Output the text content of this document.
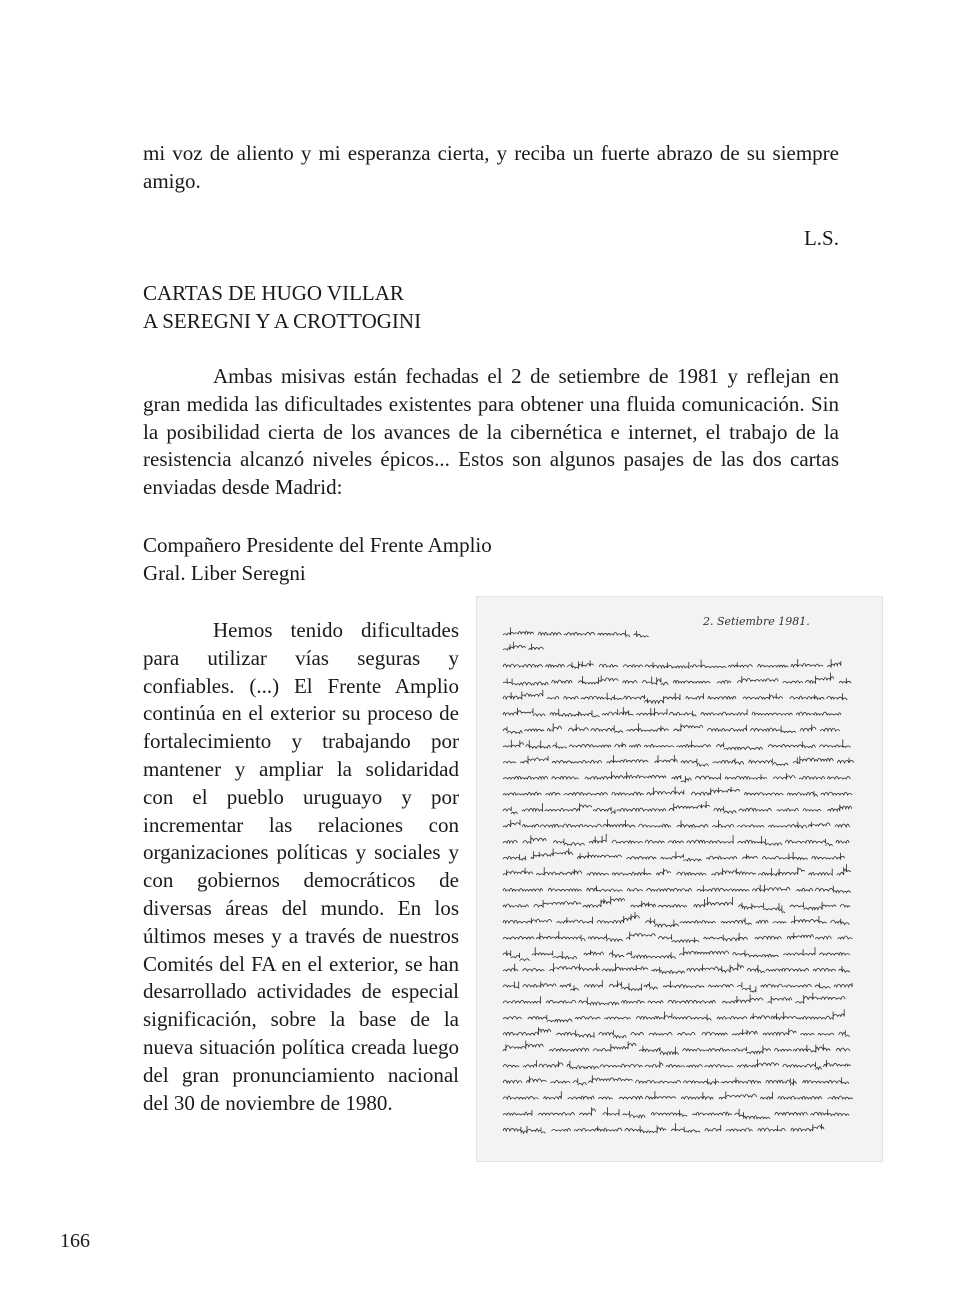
mi voz de aliento y mi esperanza cierta, y reciba un fuerte abrazo de su siempre amigo.
L.S.
CARTAS DE HUGO VILLAR
A SEREGNI Y A CROTTOGINI
Ambas misivas están fechadas el 2 de setiembre de 1981 y reflejan en gran medida las dificultades existentes para obtener una fluida comunicación. Sin la posibilidad cierta de los avances de la cibernética e internet, el trabajo de la resistencia alcanzó niveles épicos... Estos son algunos pasajes de las dos cartas enviadas desde Madrid:
Compañero Presidente del Frente Amplio
Gral. Liber Seregni
Hemos tenido dificultades para utilizar vías seguras y confiables. (...) El Frente Amplio continúa en el exterior su proceso de fortalecimiento y trabajando por mantener y ampliar la solidaridad con el pueblo uruguayo y por incrementar las relaciones con organizaciones políticas y sociales y con gobiernos democráticos de diversas áreas del mundo. En los últimos meses y a través de nuestros Comités del FA en el exterior, se han desarrollado actividades de especial significación, sobre la base de la nueva situación política creada luego del gran pronunciamiento nacional del 30 de noviembre de 1980.
2. Setiembre 1981.
166
